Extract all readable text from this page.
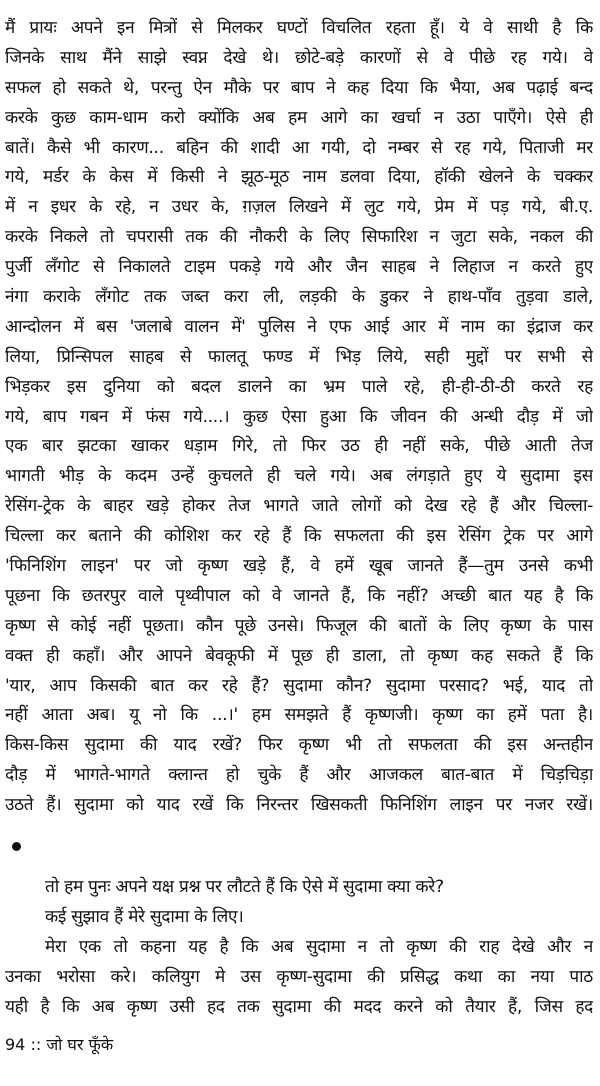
मैं प्रायः अपने इन मित्रों से मिलकर घण्टों विचलित रहता हूँ। ये वे साथी है कि
जिनके साथ मैंने साझे स्वप्न देखे थे। छोटे-बड़े कारणों से वे पीछे रह गये। वे
सफल हो सकते थे, परन्तु ऐन मौके पर बाप ने कह दिया कि भैया, अब पढ़ाई बन्द
करके कुछ काम-धाम करो क्योंकि अब हम आगे का खर्चा न उठा पाएँगे। ऐसे ही
बातें। कैसे भी कारण... बहिन की शादी आ गयी, दो नम्बर से रह गये, पिताजी मर
गये, मर्डर के केस में किसी ने झूठ-मूठ नाम डलवा दिया, हॉकी खेलने के चक्कर
में न इधर के रहे, न उधर के, ग़ज़ल लिखने में लुट गये, प्रेम में पड़ गये, बी.ए.
करके निकले तो चपरासी तक की नौकरी के लिए सिफारिश न जुटा सके, नकल की
पुर्जी लँगोट से निकालते टाइम पकड़े गये और जैन साहब ने लिहाज न करते हुए
नंगा कराके लँगोट तक जब्त करा ली, लड़की के डुकर ने हाथ-पाँव तुड़वा डाले,
आन्दोलन में बस 'जलाबे वालन में' पुलिस ने एफ आई आर में नाम का इंद्राज कर
लिया, प्रिन्सिपल साहब से फालतू फण्ड में भिड़ लिये, सही मुद्दों पर सभी से
भिड़कर इस दुनिया को बदल डालने का भ्रम पाले रहे, ही-ही-ठी-ठी करते रह
गये, बाप गबन में फंस गये....। कुछ ऐसा हुआ कि जीवन की अन्धी दौड़ में जो
एक बार झटका खाकर धड़ाम गिरे, तो फिर उठ ही नहीं सके, पीछे आती तेज
भागती भीड़ के कदम उन्हें कुचलते ही चले गये। अब लंगड़ाते हुए ये सुदामा इस
रेसिंग-ट्रेक के बाहर खड़े होकर तेज भागते जाते लोगों को देख रहे हैं और चिल्ला-
चिल्ला कर बताने की कोशिश कर रहे हैं कि सफलता की इस रेसिंग ट्रेक पर आगे
'फिनिशिंग लाइन' पर जो कृष्ण खड़े हैं, वे हमें खूब जानते हैं—तुम उनसे कभी
पूछना कि छतरपुर वाले पृथ्वीपाल को वे जानते हैं, कि नहीं? अच्छी बात यह है कि
कृष्ण से कोई नहीं पूछता। कौन पूछे उनसे। फिजूल की बातों के लिए कृष्ण के पास
वक्त ही कहाँ। और आपने बेवकूफी में पूछ ही डाला, तो कृष्ण कह सकते हैं कि
'यार, आप किसकी बात कर रहे हैं? सुदामा कौन? सुदामा परसाद? भई, याद तो
नहीं आता अब। यू नो कि ...।' हम समझते हैं कृष्णजी। कृष्ण का हमें पता है।
किस-किस सुदामा की याद रखें? फिर कृष्ण भी तो सफलता की इस अन्तहीन
दौड़ में भागते-भागते क्लान्त हो चुके हैं और आजकल बात-बात में चिड़चिड़ा
उठते हैं। सुदामा को याद रखें कि निरन्तर खिसकती फिनिशिंग लाइन पर नजर रखें।
तो हम पुनः अपने यक्ष प्रश्न पर लौटते हैं कि ऐसे में सुदामा क्या करे?
कई सुझाव हैं मेरे सुदामा के लिए।
मेरा एक तो कहना यह है कि अब सुदामा न तो कृष्ण की राह देखे और न
उनका भरोसा करे। कलियुग मे उस कृष्ण-सुदामा की प्रसिद्ध कथा का नया पाठ
यही है कि अब कृष्ण उसी हद तक सुदामा की मदद करने को तैयार हैं, जिस हद
94 :: जो घर फूँके
